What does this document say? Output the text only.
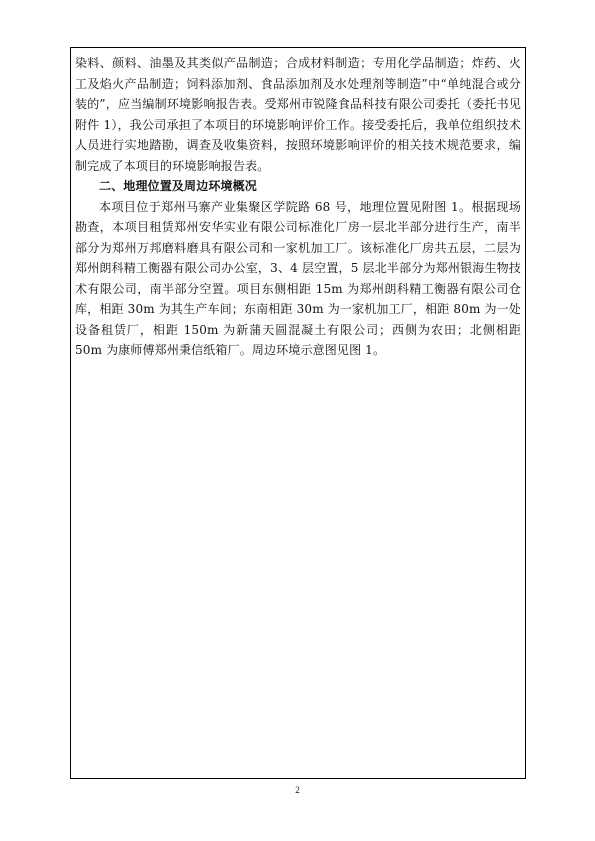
染料、颜料、油墨及其类似产品制造；合成材料制造；专用化学品制造；炸药、火工及焰火产品制造；饲料添加剂、食品添加剂及水处理剂等制造”中“单纯混合或分装的”，应当编制环境影响报告表。受郑州市锐隆食品科技有限公司委托（委托书见附件 1），我公司承担了本项目的环境影响评价工作。接受委托后，我单位组织技术人员进行实地踏勘，调查及收集资料，按照环境影响评价的相关技术规范要求，编制完成了本项目的环境影响报告表。

二、地理位置及周边环境概况

本项目位于郑州马寨产业集聚区学院路 68 号，地理位置见附图 1。根据现场勘查，本项目租赁郑州安华实业有限公司标准化厂房一层北半部分进行生产，南半部分为郑州万邦磨料磨具有限公司和一家机加工厂。该标准化厂房共五层，二层为郑州朗科精工衡器有限公司办公室，3、4 层空置，5 层北半部分为郑州银海生物技术有限公司，南半部分空置。项目东侧相距 15m 为郑州朗科精工衡器有限公司仓库，相距 30m 为其生产车间；东南相距 30m 为一家机加工厂，相距 80m 为一处设备租赁厂，相距 150m 为新蒲天圆混凝土有限公司；西侧为农田；北侧相距 50m 为康师傅郑州秉信纸箱厂。周边环境示意图见图 1。

2
